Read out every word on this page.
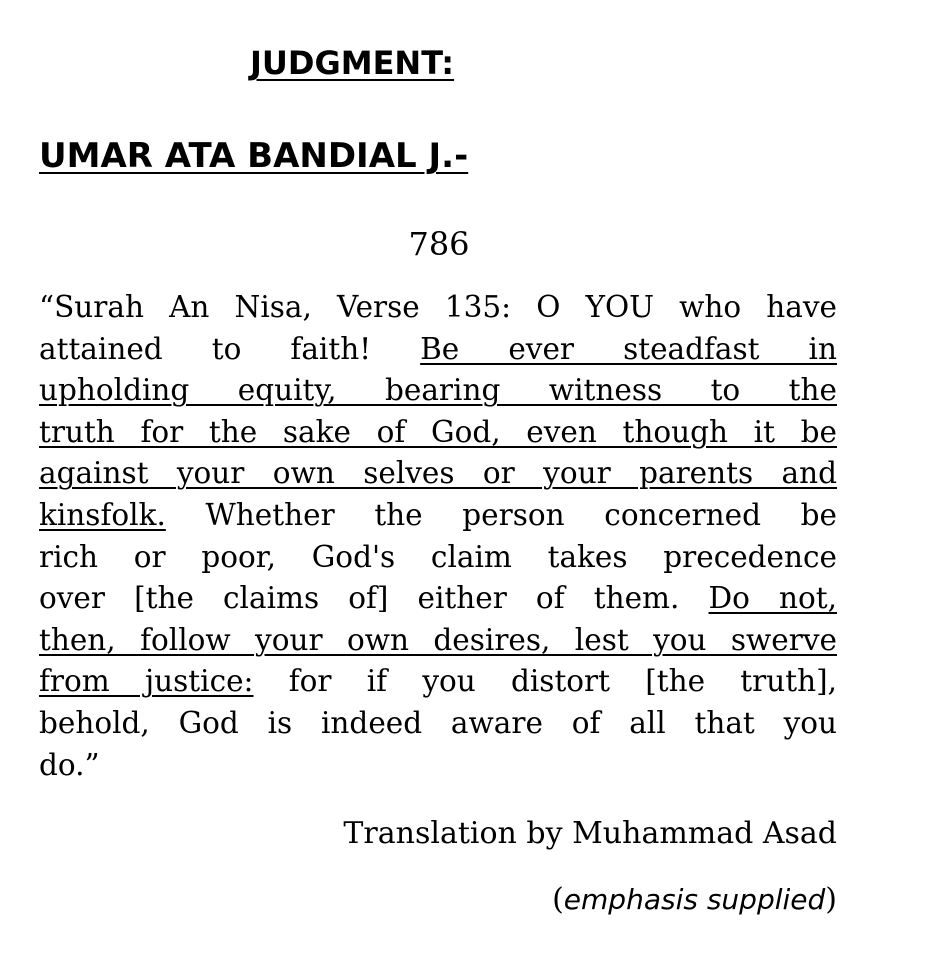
JUDGMENT:
UMAR ATA BANDIAL J.-
786
“Surah An Nisa, Verse 135: O YOU who have
attained to faith! Be ever steadfast in
upholding equity, bearing witness to the
truth for the sake of God, even though it be
against your own selves or your parents and
kinsfolk. Whether the person concerned be
rich or poor, God's claim takes precedence
over [the claims of] either of them. Do not,
then, follow your own desires, lest you swerve
from justice: for if you distort [the truth],
behold, God is indeed aware of all that you
do.”
Translation by Muhammad Asad
(emphasis supplied)
